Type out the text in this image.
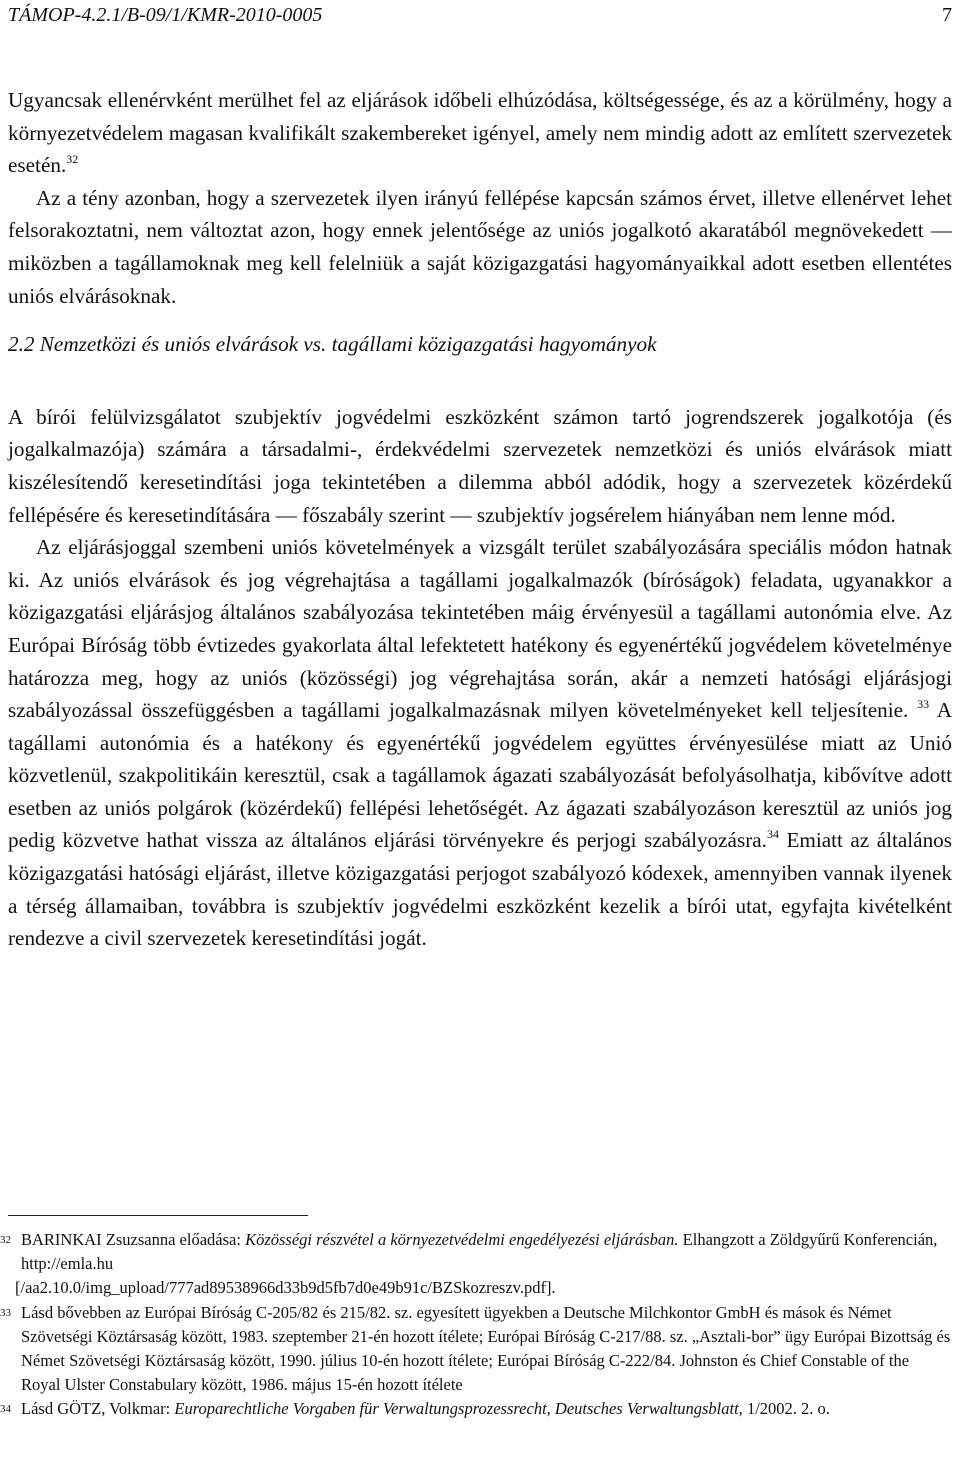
TÁMOP-4.2.1/B-09/1/KMR-2010-0005	7

Ugyancsak ellenérvként merülhet fel az eljárások időbeli elhúzódása, költségessége, és az a körülmény, hogy a környezetvédelem magasan kvalifikált szakembereket igényel, amely nem mindig adott az említett szervezetek esetén.$^{32}$

Az a tény azonban, hogy a szervezetek ilyen irányú fellépése kapcsán számos érvet, illetve ellenérvet lehet felsorakoztatni, nem változtat azon, hogy ennek jelentősége az uniós jogalkotó akaratából megnövekedett — miközben a tagállamoknak meg kell felelniük a saját közigazgatási hagyományaikkal adott esetben ellentétes uniós elvárásoknak.

2.2 Nemzetközi és uniós elvárások vs. tagállami közigazgatási hagyományok

A bírói felülvizsgálatot szubjektív jogvédelmi eszközként számon tartó jogrendszerek jogalkotója (és jogalkalmazója) számára a társadalmi-, érdekvédelmi szervezetek nemzetközi és uniós elvárások miatt kiszélesítendő keresetindítási joga tekintetében a dilemma abból adódik, hogy a szervezetek közérdekű fellépésére és keresetindítására — főszabály szerint — szubjektív jogsérelem hiányában nem lenne mód.

Az eljárásjoggal szembeni uniós követelmények a vizsgált terület szabályozására speciális módon hatnak ki. Az uniós elvárások és jog végrehajtása a tagállami jogalkalmazók (bíróságok) feladata, ugyanakkor a közigazgatási eljárásjog általános szabályozása tekintetében máig érvényesül a tagállami autonómia elve. Az Európai Bíróság több évtizedes gyakorlata által lefektetett hatékony és egyenértékű jogvédelem követelménye határozza meg, hogy az uniós (közösségi) jog végrehajtása során, akár a nemzeti hatósági eljárásjogi szabályozással összefüggésben a tagállami jogalkalmazásnak milyen követelményeket kell teljesítenie. $^{33}$ A tagállami autonómia és a hatékony és egyenértékű jogvédelem együttes érvényesülése miatt az Unió közvetlenül, szakpolitikáin keresztül, csak a tagállamok ágazati szabályozását befolyásolhatja, kibővítve adott esetben az uniós polgárok (közérdekű) fellépési lehetőségét. Az ágazati szabályozáson keresztül az uniós jog pedig közvetve hathat vissza az általános eljárási törvényekre és perjogi szabályozásra.$^{34}$ Emiatt az általános közigazgatási hatósági eljárást, illetve közigazgatási perjogot szabályozó kódexek, amennyiben vannak ilyenek a térség államaiban, továbbra is szubjektív jogvédelmi eszközként kezelik a bírói utat, egyfajta kivételként rendezve a civil szervezetek keresetindítási jogát.

32 BARINKAI Zsuzsanna előadása: Közösségi részvétel a környezetvédelmi engedélyezési eljárásban. Elhangzott a Zöldgyűrű Konferencián, http://emla.hu
[/aa2.10.0/img_upload/777ad89538966d33b9d5fb7d0e49b91c/BZSkozreszv.pdf].

33 Lásd bővebben az Európai Bíróság C-205/82 és 215/82. sz. egyesített ügyekben a Deutsche Milchkontor GmbH és mások és Német Szövetségi Köztársaság között, 1983. szeptember 21-én hozott ítélete; Európai Bíróság C-217/88. sz. „Asztali-bor” ügy Európai Bizottság és Német Szövetségi Köztársaság között, 1990. július 10-én hozott ítélete; Európai Bíróság C-222/84. Johnston és Chief Constable of the Royal Ulster Constabulary között, 1986. május 15-én hozott ítélete

34 Lásd GÖTZ, Volkmar: Europarechtliche Vorgaben für Verwaltungsprozessrecht, Deutsches Verwaltungsblatt, 1/2002. 2. o.
